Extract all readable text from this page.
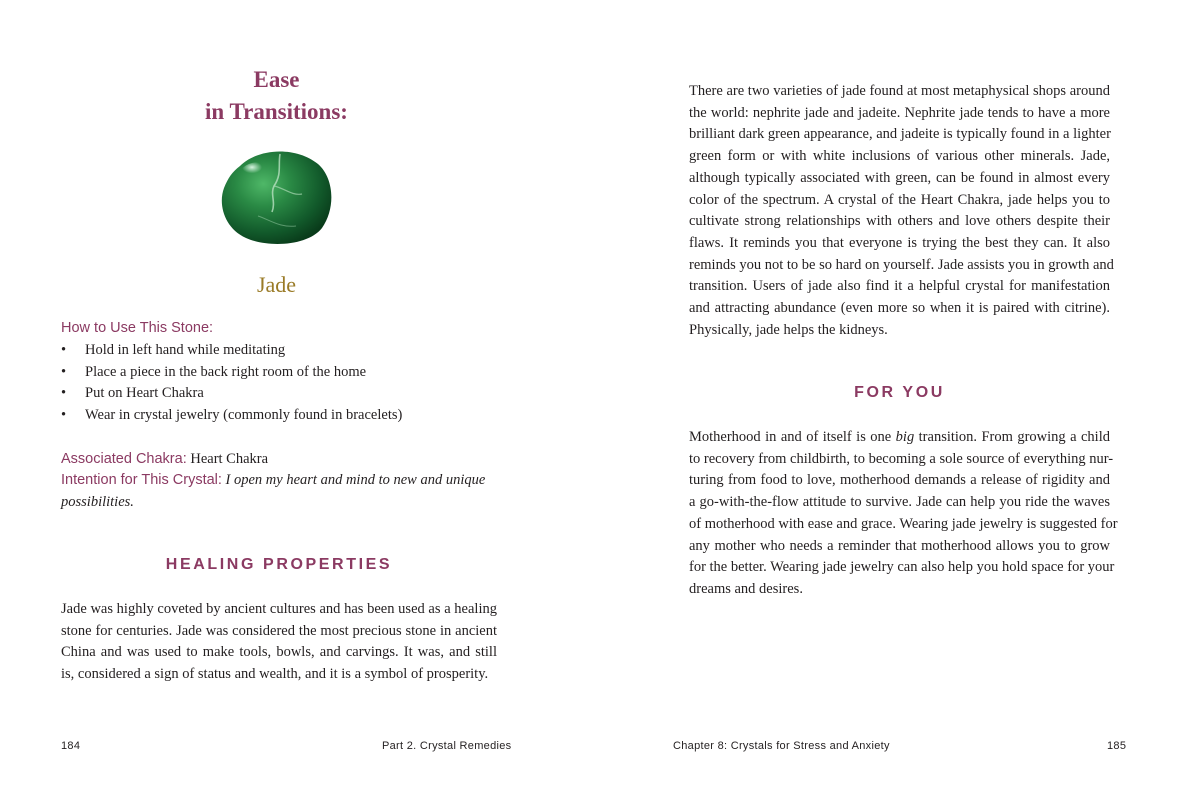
Ease
in Transitions:
Jade
How to Use This Stone:
• Hold in left hand while meditating
• Place a piece in the back right room of the home
• Put on Heart Chakra
• Wear in crystal jewelry (commonly found in bracelets)
Associated Chakra: Heart Chakra
Intention for This Crystal: I open my heart and mind to new and unique
possibilities.
HEALING PROPERTIES
Jade was highly coveted by ancient cultures and has been used as a healing
stone for centuries. Jade was considered the most precious stone in ancient
China and was used to make tools, bowls, and carvings. It was, and still
is, considered a sign of status and wealth, and it is a symbol of prosperity.
184	Part 2. Crystal Remedies
There are two varieties of jade found at most metaphysical shops around
the world: nephrite jade and jadeite. Nephrite jade tends to have a more
brilliant dark green appearance, and jadeite is typically found in a lighter
green form or with white inclusions of various other minerals. Jade,
although typically associated with green, can be found in almost every
color of the spectrum. A crystal of the Heart Chakra, jade helps you to
cultivate strong relationships with others and love others despite their
flaws. It reminds you that everyone is trying the best they can. It also
reminds you not to be so hard on yourself. Jade assists you in growth and
transition. Users of jade also find it a helpful crystal for manifestation
and attracting abundance (even more so when it is paired with citrine).
Physically, jade helps the kidneys.
FOR YOU
Motherhood in and of itself is one big transition. From growing a child
to recovery from childbirth, to becoming a sole source of everything nur-
turing from food to love, motherhood demands a release of rigidity and
a go-with-the-flow attitude to survive. Jade can help you ride the waves
of motherhood with ease and grace. Wearing jade jewelry is suggested for
any mother who needs a reminder that motherhood allows you to grow
for the better. Wearing jade jewelry can also help you hold space for your
dreams and desires.
Chapter 8: Crystals for Stress and Anxiety	185
